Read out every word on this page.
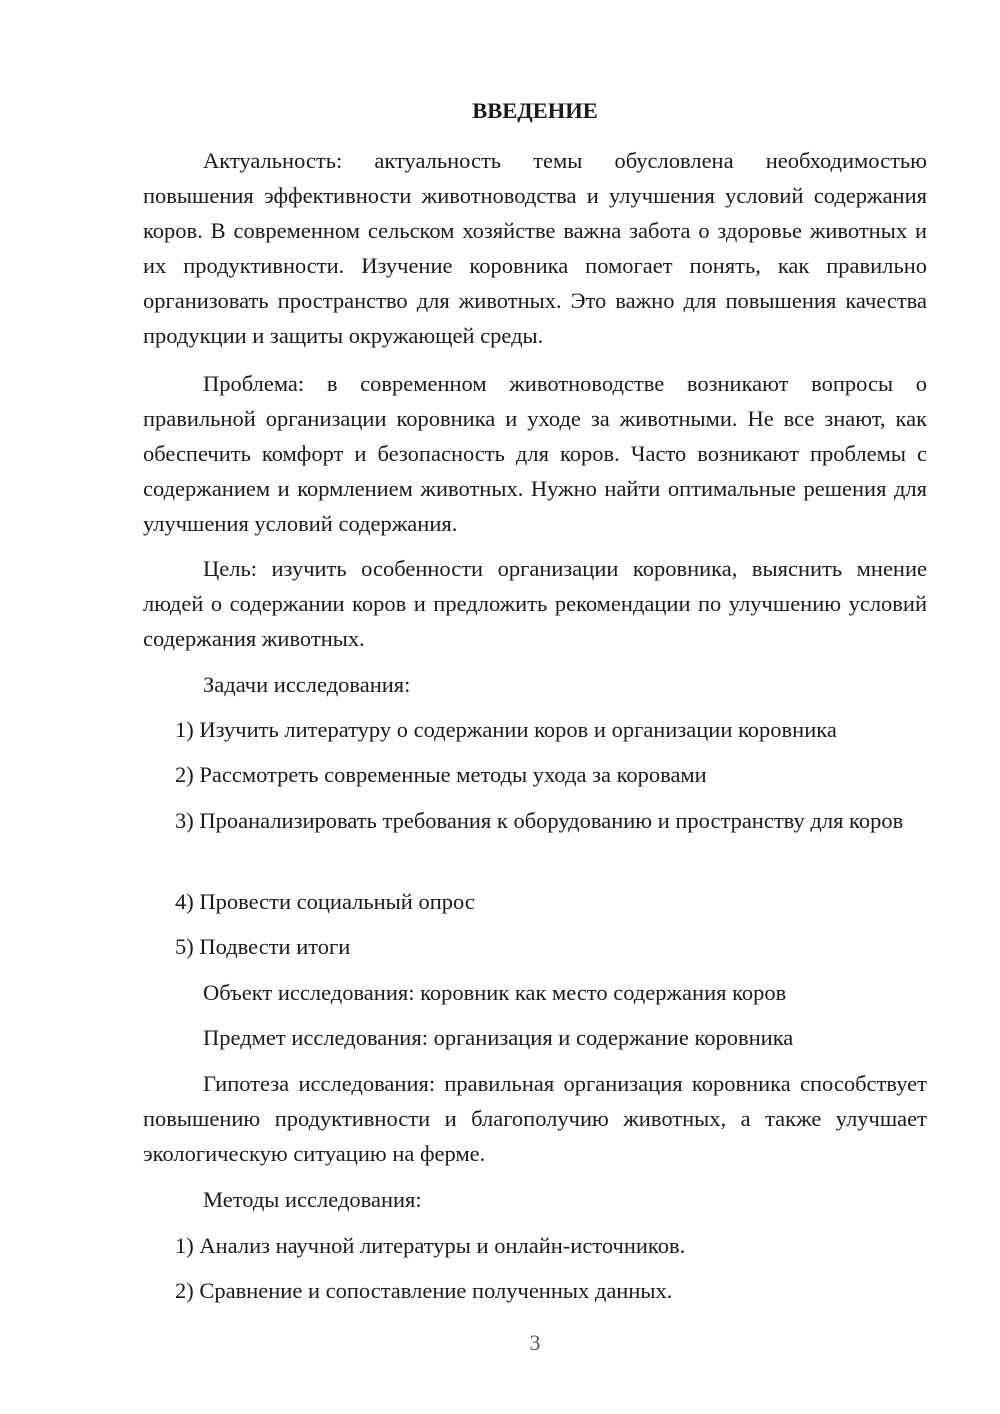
ВВЕДЕНИЕ

Актуальность: актуальность темы обусловлена необходимостью повышения эффективности животноводства и улучшения условий содержания коров. В современном сельском хозяйстве важна забота о здоровье животных и их продуктивности. Изучение коровника помогает понять, как правильно организовать пространство для животных. Это важно для повышения качества продукции и защиты окружающей среды.

Проблема: в современном животноводстве возникают вопросы о правильной организации коровника и уходе за животными. Не все знают, как обеспечить комфорт и безопасность для коров. Часто возникают проблемы с содержанием и кормлением животных. Нужно найти оптимальные решения для улучшения условий содержания.

Цель: изучить особенности организации коровника, выяснить мнение людей о содержании коров и предложить рекомендации по улучшению условий содержания животных.

Задачи исследования:

1) Изучить литературу о содержании коров и организации коровника

2) Рассмотреть современные методы ухода за коровами

3) Проанализировать требования к оборудованию и пространству для коров

4) Провести социальный опрос

5) Подвести итоги

Объект исследования: коровник как место содержания коров

Предмет исследования: организация и содержание коровника

Гипотеза исследования: правильная организация коровника способствует повышению продуктивности и благополучию животных, а также улучшает экологическую ситуацию на ферме.

Методы исследования:

1) Анализ научной литературы и онлайн-источников.

2) Сравнение и сопоставление полученных данных.

3
